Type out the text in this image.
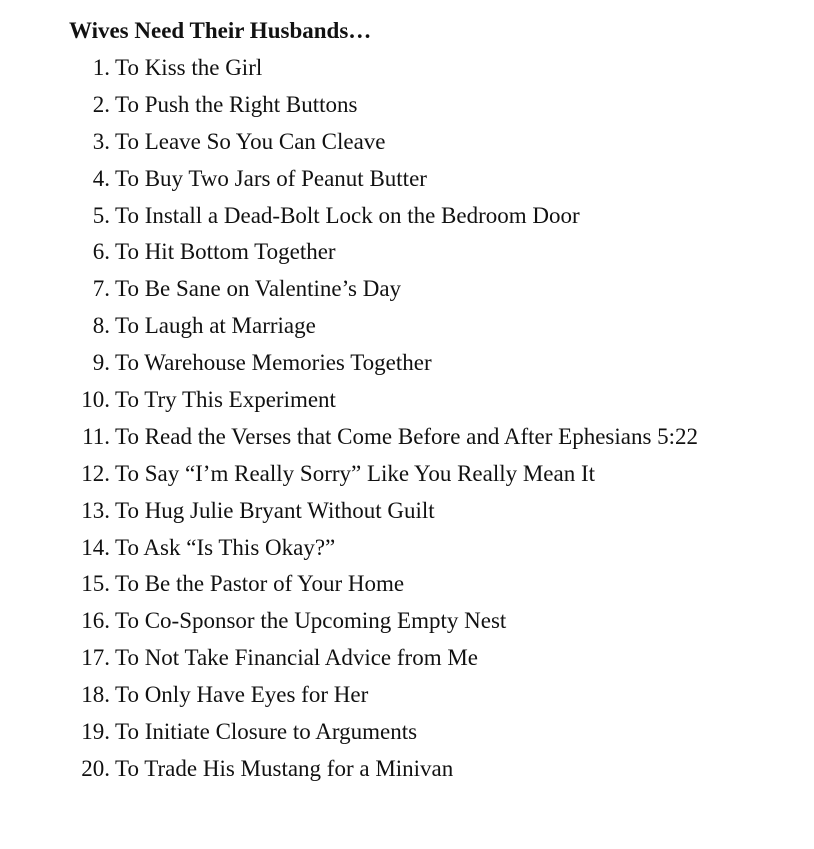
Wives Need Their Husbands…
1. To Kiss the Girl
2. To Push the Right Buttons
3. To Leave So You Can Cleave
4. To Buy Two Jars of Peanut Butter
5. To Install a Dead-Bolt Lock on the Bedroom Door
6. To Hit Bottom Together
7. To Be Sane on Valentine’s Day
8. To Laugh at Marriage
9. To Warehouse Memories Together
10. To Try This Experiment
11. To Read the Verses that Come Before and After Ephesians 5:22
12. To Say “I’m Really Sorry” Like You Really Mean It
13. To Hug Julie Bryant Without Guilt
14. To Ask “Is This Okay?”
15. To Be the Pastor of Your Home
16. To Co-Sponsor the Upcoming Empty Nest
17. To Not Take Financial Advice from Me
18. To Only Have Eyes for Her
19. To Initiate Closure to Arguments
20. To Trade His Mustang for a Minivan
